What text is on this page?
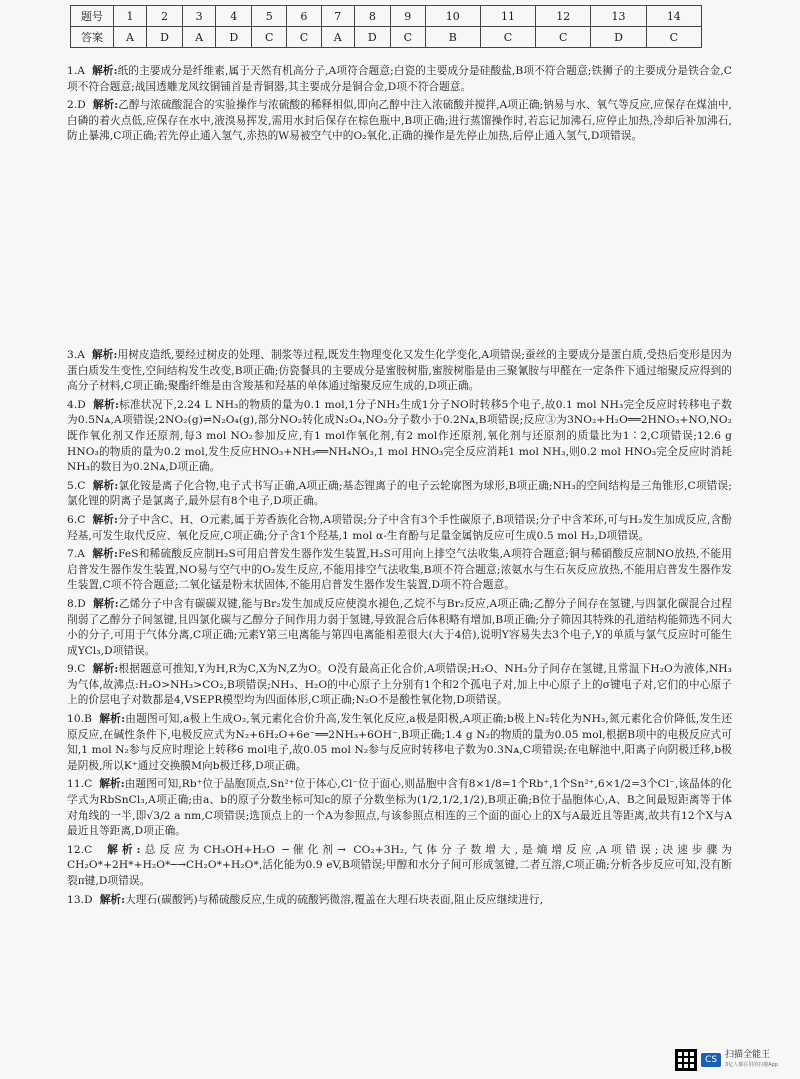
题号	1	2	3	4	5	6	7	8	9	10	11	12	13	14
答案	A	D	A	D	C	C	A	D	C	B	C	C	D	C

1.A 解析:纸的主要成分是纤维素,属于天然有机高分子,A项符合题意;白瓷的主要成分是硅酸盐,B项不符合题意;铁狮子的主要成分是铁合金,C项不符合题意;战国透雕龙凤纹铜铺首是青铜器,其主要成分是铜合金,D项不符合题意。

2.D 解析:乙醇与浓硫酸混合的实验操作与浓硫酸的稀释相似,即向乙醇中注入浓硫酸并搅拌,A项正确;钠易与水、氧气等反应,应保存在煤油中,白磷的着火点低,应保存在水中,液溴易挥发,需用水封后保存在棕色瓶中,B项正确;进行蒸馏操作时,若忘记加沸石,应停止加热,冷却后补加沸石,防止暴沸,C项正确;若先停止通入氢气,赤热的W易被空气中的O₂氧化,正确的操作是先停止加热,后停止通入氢气,D项错误。

3.A 解析:用树皮造纸,要经过树皮的处理、制浆等过程,既发生物理变化又发生化学变化,A项错误;蚕丝的主要成分是蛋白质,受热后变形是因为蛋白质发生变性,空间结构发生改变,B项正确;仿瓷餐具的主要成分是蜜胺树脂,蜜胺树脂是由三聚氰胺与甲醛在一定条件下通过缩聚反应得到的高分子材料,C项正确;聚酯纤维是由含羧基和羟基的单体通过缩聚反应生成的,D项正确。

4.D 解析:标准状况下,2.24 L NH₃的物质的量为0.1 mol,1分子NH₃生成1分子NO时转移5个电子,故0.1 mol NH₃完全反应时转移电子数为0.5Nᴀ,A项错误;2NO₂(g)⇌N₂O₄(g),部分NO₂转化成N₂O₄,NO₂分子数小于0.2Nᴀ,B项错误;反应③为3NO₂+H₂O══2HNO₃+NO,NO₂既作氧化剂又作还原剂,每3 mol NO₂参加反应,有1 mol作氧化剂,有2 mol作还原剂,氧化剂与还原剂的质量比为1∶2,C项错误;12.6 g HNO₃的物质的量为0.2 mol,发生反应HNO₃+NH₃══NH₄NO₃,1 mol HNO₃完全反应消耗1 mol NH₃,则0.2 mol HNO₃完全反应时消耗NH₃的数目为0.2Nᴀ,D项正确。

5.C 解析:氯化铵是离子化合物,电子式书写正确,A项正确;基态锂离子的电子云轮廓图为球形,B项正确;NH₃的空间结构是三角锥形,C项错误;氯化锂的阴离子是氯离子,最外层有8个电子,D项正确。

6.C 解析:分子中含C、H、O元素,属于芳香族化合物,A项错误;分子中含有3个手性碳原子,B项错误;分子中含苯环,可与H₂发生加成反应,含酚羟基,可发生取代反应、氧化反应,C项正确;分子含1个羟基,1 mol α-生育酚与足量金属钠反应可生成0.5 mol H₂,D项错误。

7.A 解析:FeS和稀硫酸反应制H₂S可用启普发生器作发生装置,H₂S可用向上排空气法收集,A项符合题意;铜与稀硝酸反应制NO放热,不能用启普发生器作发生装置,NO易与空气中的O₂发生反应,不能用排空气法收集,B项不符合题意;浓氨水与生石灰反应放热,不能用启普发生器作发生装置,C项不符合题意;二氧化锰是粉末状固体,不能用启普发生器作发生装置,D项不符合题意。

8.D 解析:乙烯分子中含有碳碳双键,能与Br₂发生加成反应使溴水褪色,乙烷不与Br₂反应,A项正确;乙醇分子间存在氢键,与四氯化碳混合过程削弱了乙醇分子间氢键,且四氯化碳与乙醇分子间作用力弱于氢键,导致混合后体积略有增加,B项正确;分子筛因其特殊的孔道结构能筛选不同大小的分子,可用于气体分离,C项正确;元素Y第三电离能与第四电离能相差很大(大于4倍),说明Y容易失去3个电子,Y的单质与氯气反应时可能生成YCl₃,D项错误。

9.C 解析:根据题意可推知,Y为H,R为C,X为N,Z为O。O没有最高正化合价,A项错误;H₂O、NH₃分子间存在氢键,且常温下H₂O为液体,NH₃为气体,故沸点:H₂O>NH₃>CO₂,B项错误;NH₃、H₂O的中心原子上分别有1个和2个孤电子对,加上中心原子上的σ键电子对,它们的中心原子上的价层电子对数都是4,VSEPR模型均为四面体形,C项正确;N₂O不是酸性氧化物,D项错误。

10.B 解析:由题图可知,a极上生成O₂,氧元素化合价升高,发生氧化反应,a极是阳极,A项正确;b极上N₂转化为NH₃,氮元素化合价降低,发生还原反应,在碱性条件下,电极反应式为N₂+6H₂O+6e⁻══2NH₃+6OH⁻,B项正确;1.4 g N₂的物质的量为0.05 mol,根据B项中的电极反应式可知,1 mol N₂参与反应时理论上转移6 mol电子,故0.05 mol N₂参与反应时转移电子数为0.3Nᴀ,C项错误;在电解池中,阳离子向阴极迁移,b极是阴极,所以K⁺通过交换膜M向b极迁移,D项正确。

11.C 解析:由题图可知,Rb⁺位于晶胞顶点,Sn²⁺位于体心,Cl⁻位于面心,则晶胞中含有8×1/8=1个Rb⁺,1个Sn²⁺,6×1/2=3个Cl⁻,该晶体的化学式为RbSnCl₃,A项正确;由a、b的原子分数坐标可知c的原子分数坐标为(1/2,1/2,1/2),B项正确;B位于晶胞体心,A、B之间最短距离等于体对角线的一半,即√3/2 a nm,C项错误;选顶点上的一个A为参照点,与该参照点相连的三个面的面心上的X与A最近且等距离,故共有12个X与A最近且等距离,D项正确。

12.C 解析:总反应为CH₃OH+H₂O ─催化剂→ CO₂+3H₂,气体分子数增大,是熵增反应,A项错误;决速步骤为CH₂O*+2H*+H₂O*─→CH₂O*+H₂O*,活化能为0.9 eV,B项错误;甲醇和水分子间可形成氢键,二者互溶,C项正确;分析各步反应可知,没有断裂π键,D项错误。

13.D 解析:大理石(碳酸钙)与稀硫酸反应,生成的硫酸钙微溶,覆盖在大理石块表面,阻止反应继续进行,

CS 扫描全能王
3亿人都在用的扫描App
